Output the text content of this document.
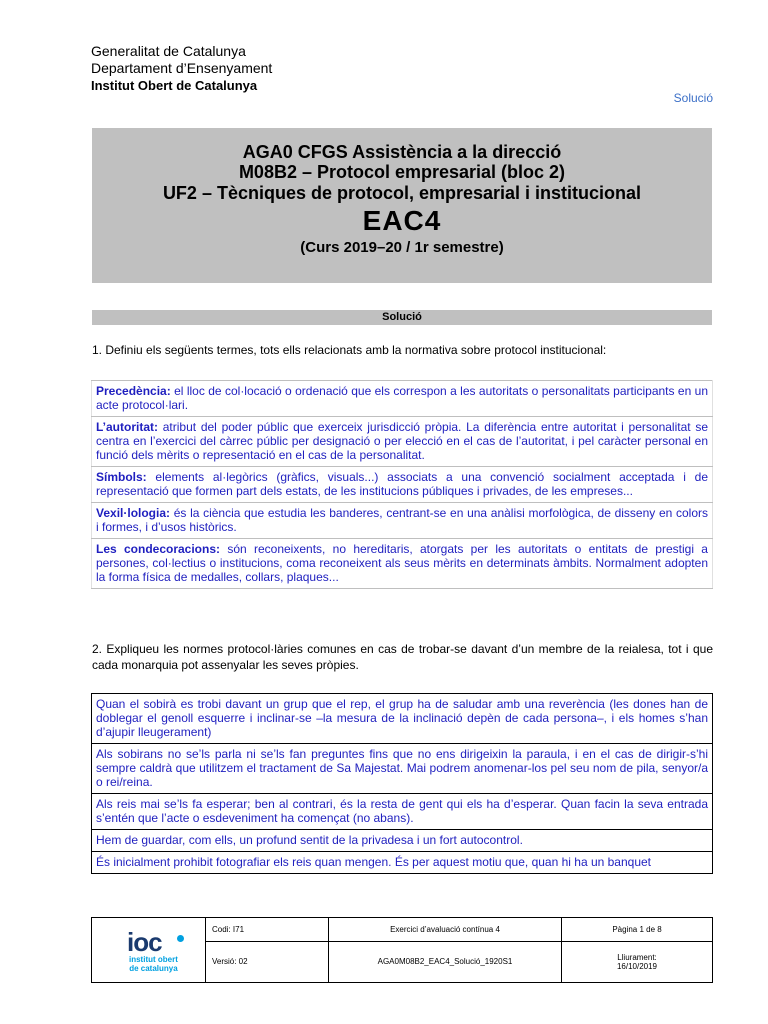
Generalitat de Catalunya
Departament d’Ensenyament
Institut Obert de Catalunya
Solució
AGA0 CFGS Assistència a la direcció
M08B2 – Protocol empresarial (bloc 2)
UF2 – Tècniques de protocol, empresarial i institucional
EAC4
(Curs 2019–20 / 1r semestre)
Solució
1. Definiu els següents termes, tots ells relacionats amb la normativa sobre protocol institucional:
Precedència: el lloc de col·locació o ordenació que els correspon a les autoritats o personalitats participants en un acte protocol·lari.
L’autoritat: atribut del poder públic que exerceix jurisdicció pròpia. La diferència entre autoritat i personalitat se centra en l’exercici del càrrec públic per designació o per elecció en el cas de l’autoritat, i pel caràcter personal en funció dels mèrits o representació en el cas de la personalitat.
Símbols: elements al·legòrics (gràfics, visuals...) associats a una convenció socialment acceptada i de representació que formen part dels estats, de les institucions públiques i privades, de les empreses...
Vexil·lologia: és la ciència que estudia les banderes, centrant-se en una anàlisi morfològica, de disseny en colors i formes, i d’usos històrics.
Les condecoracions: són reconeixents, no hereditaris, atorgats per les autoritats o entitats de prestigi a persones, col·lectius o institucions, coma reconeixent als seus mèrits en determinats àmbits. Normalment adopten la forma física de medalles, collars, plaques...
2. Expliqueu les normes protocol·làries comunes en cas de trobar-se davant d’un membre de la reialesa, tot i que cada monarquia pot assenyalar les seves pròpies.
Quan el sobirà es trobi davant un grup que el rep, el grup ha de saludar amb una reverència (les dones han de doblegar el genoll esquerre i inclinar-se –la mesura de la inclinació depèn de cada persona–, i els homes s’han d’ajupir lleugerament)
Als sobirans no se’ls parla ni se’ls fan preguntes fins que no ens dirigeixin la paraula, i en el cas de dirigir-s’hi sempre caldrà que utilitzem el tractament de Sa Majestat. Mai podrem anomenar-los pel seu nom de pila, senyor/a o rei/reina.
Als reis mai se’ls fa esperar; ben al contrari, és la resta de gent qui els ha d’esperar. Quan facin la seva entrada s’entén que l’acte o esdeveniment ha començat (no abans).
Hem de guardar, com ells, un profund sentit de la privadesa i un fort autocontrol.
És inicialment prohibit fotografiar els reis quan mengen. És per aquest motiu que, quan hi ha un banquet
ioc
institut obert
de catalunya	Codi: I71	Exercici d’avaluació contínua 4	Pàgina 1 de 8
	Versió: 02	AGA0M08B2_EAC4_Solució_1920S1	Lliurament:
16/10/2019
